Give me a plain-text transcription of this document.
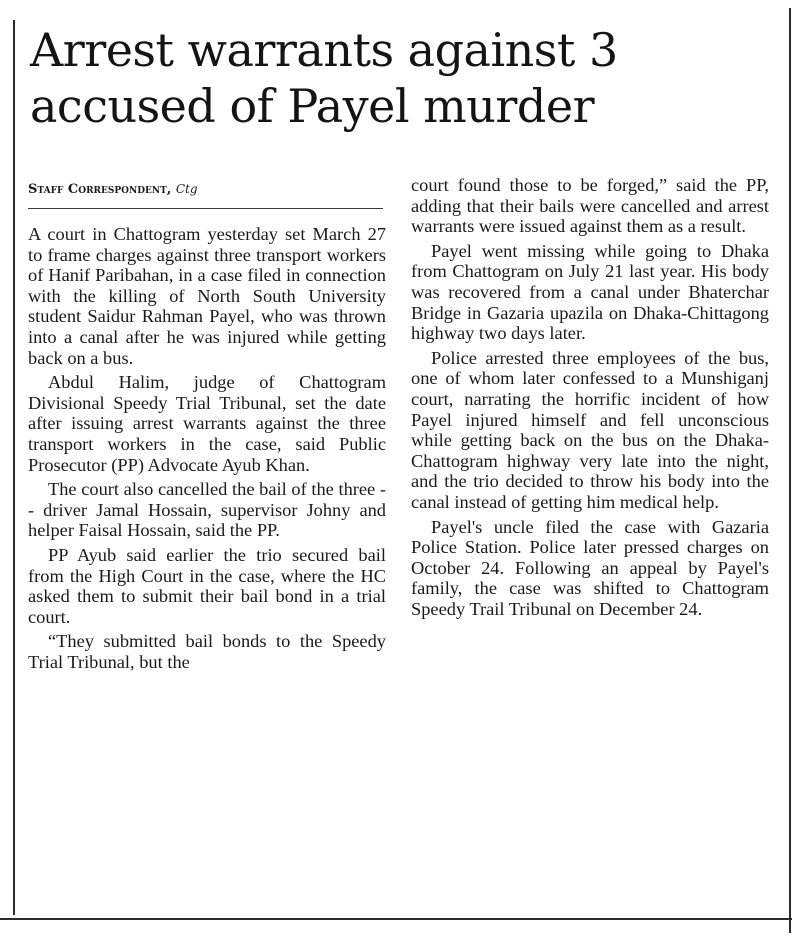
Arrest warrants against 3
accused of Payel murder
Staff Correspondent, Ctg

A court in Chattogram yesterday set March 27 to frame charges against three transport workers of Hanif Paribahan, in a case filed in connection with the killing of North South University student Saidur Rahman Payel, who was thrown into a canal after he was injured while getting back on a bus.

Abdul Halim, judge of Chattogram Divisional Speedy Trial Tribunal, set the date after issuing arrest warrants against the three transport workers in the case, said Public Prosecutor (PP) Advocate Ayub Khan.

The court also cancelled the bail of the three -- driver Jamal Hossain, supervisor Johny and helper Faisal Hossain, said the PP.

PP Ayub said earlier the trio secured bail from the High Court in the case, where the HC asked them to submit their bail bond in a trial court.

“They submitted bail bonds to the Speedy Trial Tribunal, but the

court found those to be forged,” said the PP, adding that their bails were cancelled and arrest warrants were issued against them as a result.

Payel went missing while going to Dhaka from Chattogram on July 21 last year. His body was recovered from a canal under Bhaterchar Bridge in Gazaria upazila on Dhaka-Chittagong highway two days later.

Police arrested three employees of the bus, one of whom later confessed to a Munshiganj court, narrating the horrific incident of how Payel injured himself and fell unconscious while getting back on the bus on the Dhaka-Chattogram highway very late into the night, and the trio decided to throw his body into the canal instead of getting him medical help.

Payel's uncle filed the case with Gazaria Police Station. Police later pressed charges on October 24. Following an appeal by Payel's family, the case was shifted to Chattogram Speedy Trail Tribunal on December 24.
